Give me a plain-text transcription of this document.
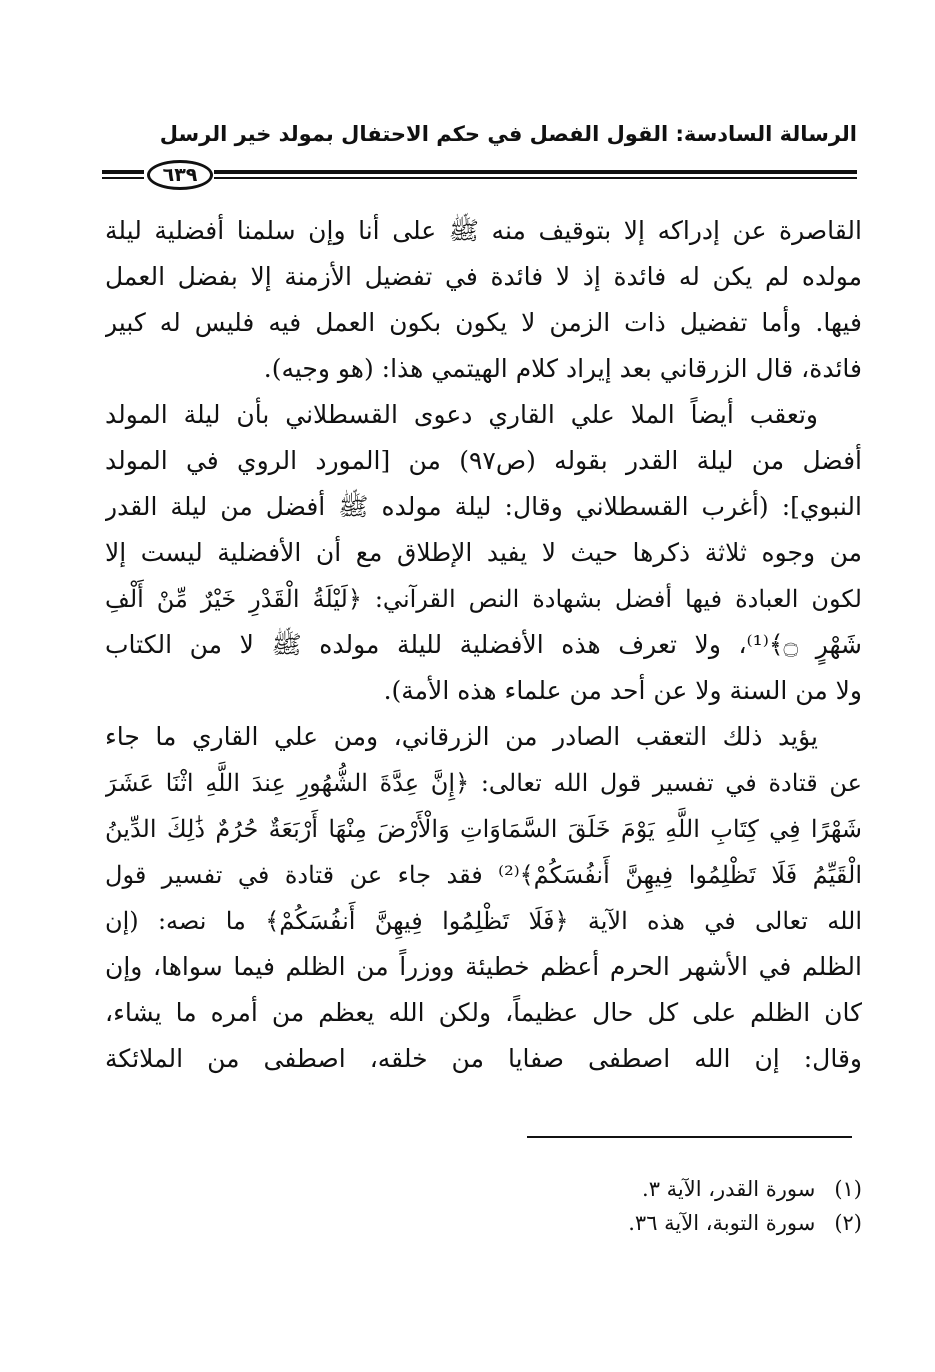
الرسالة السادسة: القول الفصل في حكم الاحتفال بمولد خير الرسل
٦٣٩
القاصرة عن إدراكه إلا بتوقيف منه ﷺ على أنا وإن سلمنا أفضلية ليلة
مولده لم يكن له فائدة إذ لا فائدة في تفضيل الأزمنة إلا بفضل العمل
فيها. وأما تفضيل ذات الزمن لا يكون بكون العمل فيه فليس له كبير
فائدة، قال الزرقاني بعد إيراد كلام الهيتمي هذا: (هو وجيه).
وتعقب أيضاً الملا علي القاري دعوى القسطلاني بأن ليلة المولد
أفضل من ليلة القدر بقوله (ص٩٧) من [المورد الروي في المولد
النبوي]: (أغرب القسطلاني وقال: ليلة مولده ﷺ أفضل من ليلة القدر
من وجوه ثلاثة ذكرها حيث لا يفيد الإطلاق مع أن الأفضلية ليست إلا
لكون العبادة فيها أفضل بشهادة النص القرآني: ﴿لَيْلَةُ الْقَدْرِ خَيْرٌ مِّنْ أَلْفِ
شَهْرٍ ۝﴾⁽¹⁾، ولا تعرف هذه الأفضلية لليلة مولده ﷺ لا من الكتاب
ولا من السنة ولا عن أحد من علماء هذه الأمة).
يؤيد ذلك التعقب الصادر من الزرقاني، ومن علي القاري ما جاء
عن قتادة في تفسير قول الله تعالى: ﴿إِنَّ عِدَّةَ الشُّهُورِ عِندَ اللَّهِ اثْنَا عَشَرَ
شَهْرًا فِي كِتَابِ اللَّهِ يَوْمَ خَلَقَ السَّمَاوَاتِ وَالْأَرْضَ مِنْهَا أَرْبَعَةٌ حُرُمٌ ذَٰلِكَ الدِّينُ
الْقَيِّمُ فَلَا تَظْلِمُوا فِيهِنَّ أَنفُسَكُمْ﴾⁽²⁾ فقد جاء عن قتادة في تفسير قول
الله تعالى في هذه الآية ﴿فَلَا تَظْلِمُوا فِيهِنَّ أَنفُسَكُمْ﴾ ما نصه: (إن
الظلم في الأشهر الحرم أعظم خطيئة ووزراً من الظلم فيما سواها، وإن
كان الظلم على كل حال عظيماً، ولكن الله يعظم من أمره ما يشاء،
وقال: إن الله اصطفى صفايا من خلقه، اصطفى من الملائكة
(١) سورة القدر، الآية ٣.
(٢) سورة التوبة، الآية ٣٦.
